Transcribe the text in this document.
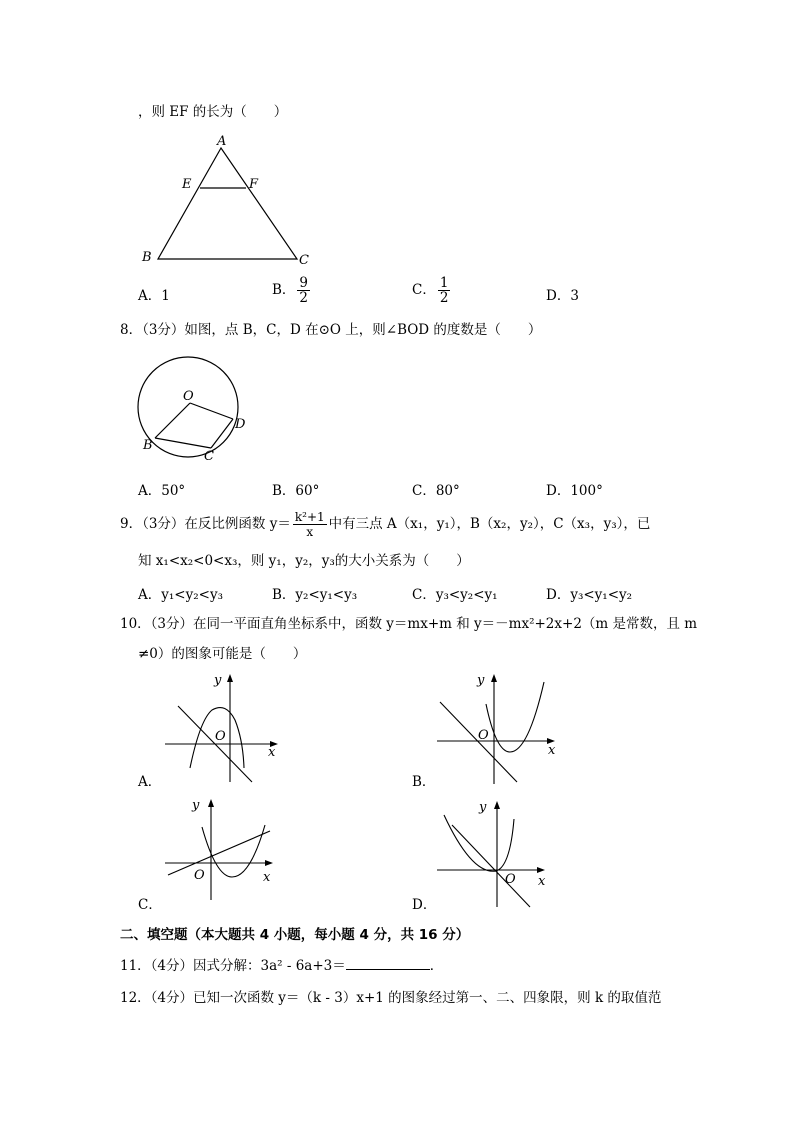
，则 EF 的长为（　　）
A
E	F
B	C
A．1	B． $\frac{9}{2}$	C． $\frac{1}{2}$	D．3
8．（3分）如图，点 B，C，D 在⊙O 上，则∠BOD 的度数是（　　）
O
B
C
D
A．50°	B．60°	C．80°	D．100°
9．（3分）在反比例函数 $y= \frac{\text{k²+1}}{x}$ 中有三点 A（x₁，y₁），B（x₂，y₂），C（x₃，y₃），已
知 x₁<x₂<0<x₃，则 y₁，y₂，y₃的大小关系为（　　）
A．y₁<y₂<y₃	B．y₂<y₁<y₃	C．y₃<y₂<y₁	D．y₃<y₁<y₂
10．（3分）在同一平面直角坐标系中，函数 y＝mx+m 和 y＝－mx²+2x+2（m 是常数，且 m
≠0）的图象可能是（　　）
O
y
x
A．
O
y
x
B．
O
y
x
C．
O
y
x
D．
二、填空题（本大题共 4 小题，每小题 4 分，共 16 分）
11．（4分）因式分解：3a² - 6a+3＝	．
12．（4分）已知一次函数 y＝（k - 3）x+1 的图象经过第一、二、四象限，则 k 的取值范
